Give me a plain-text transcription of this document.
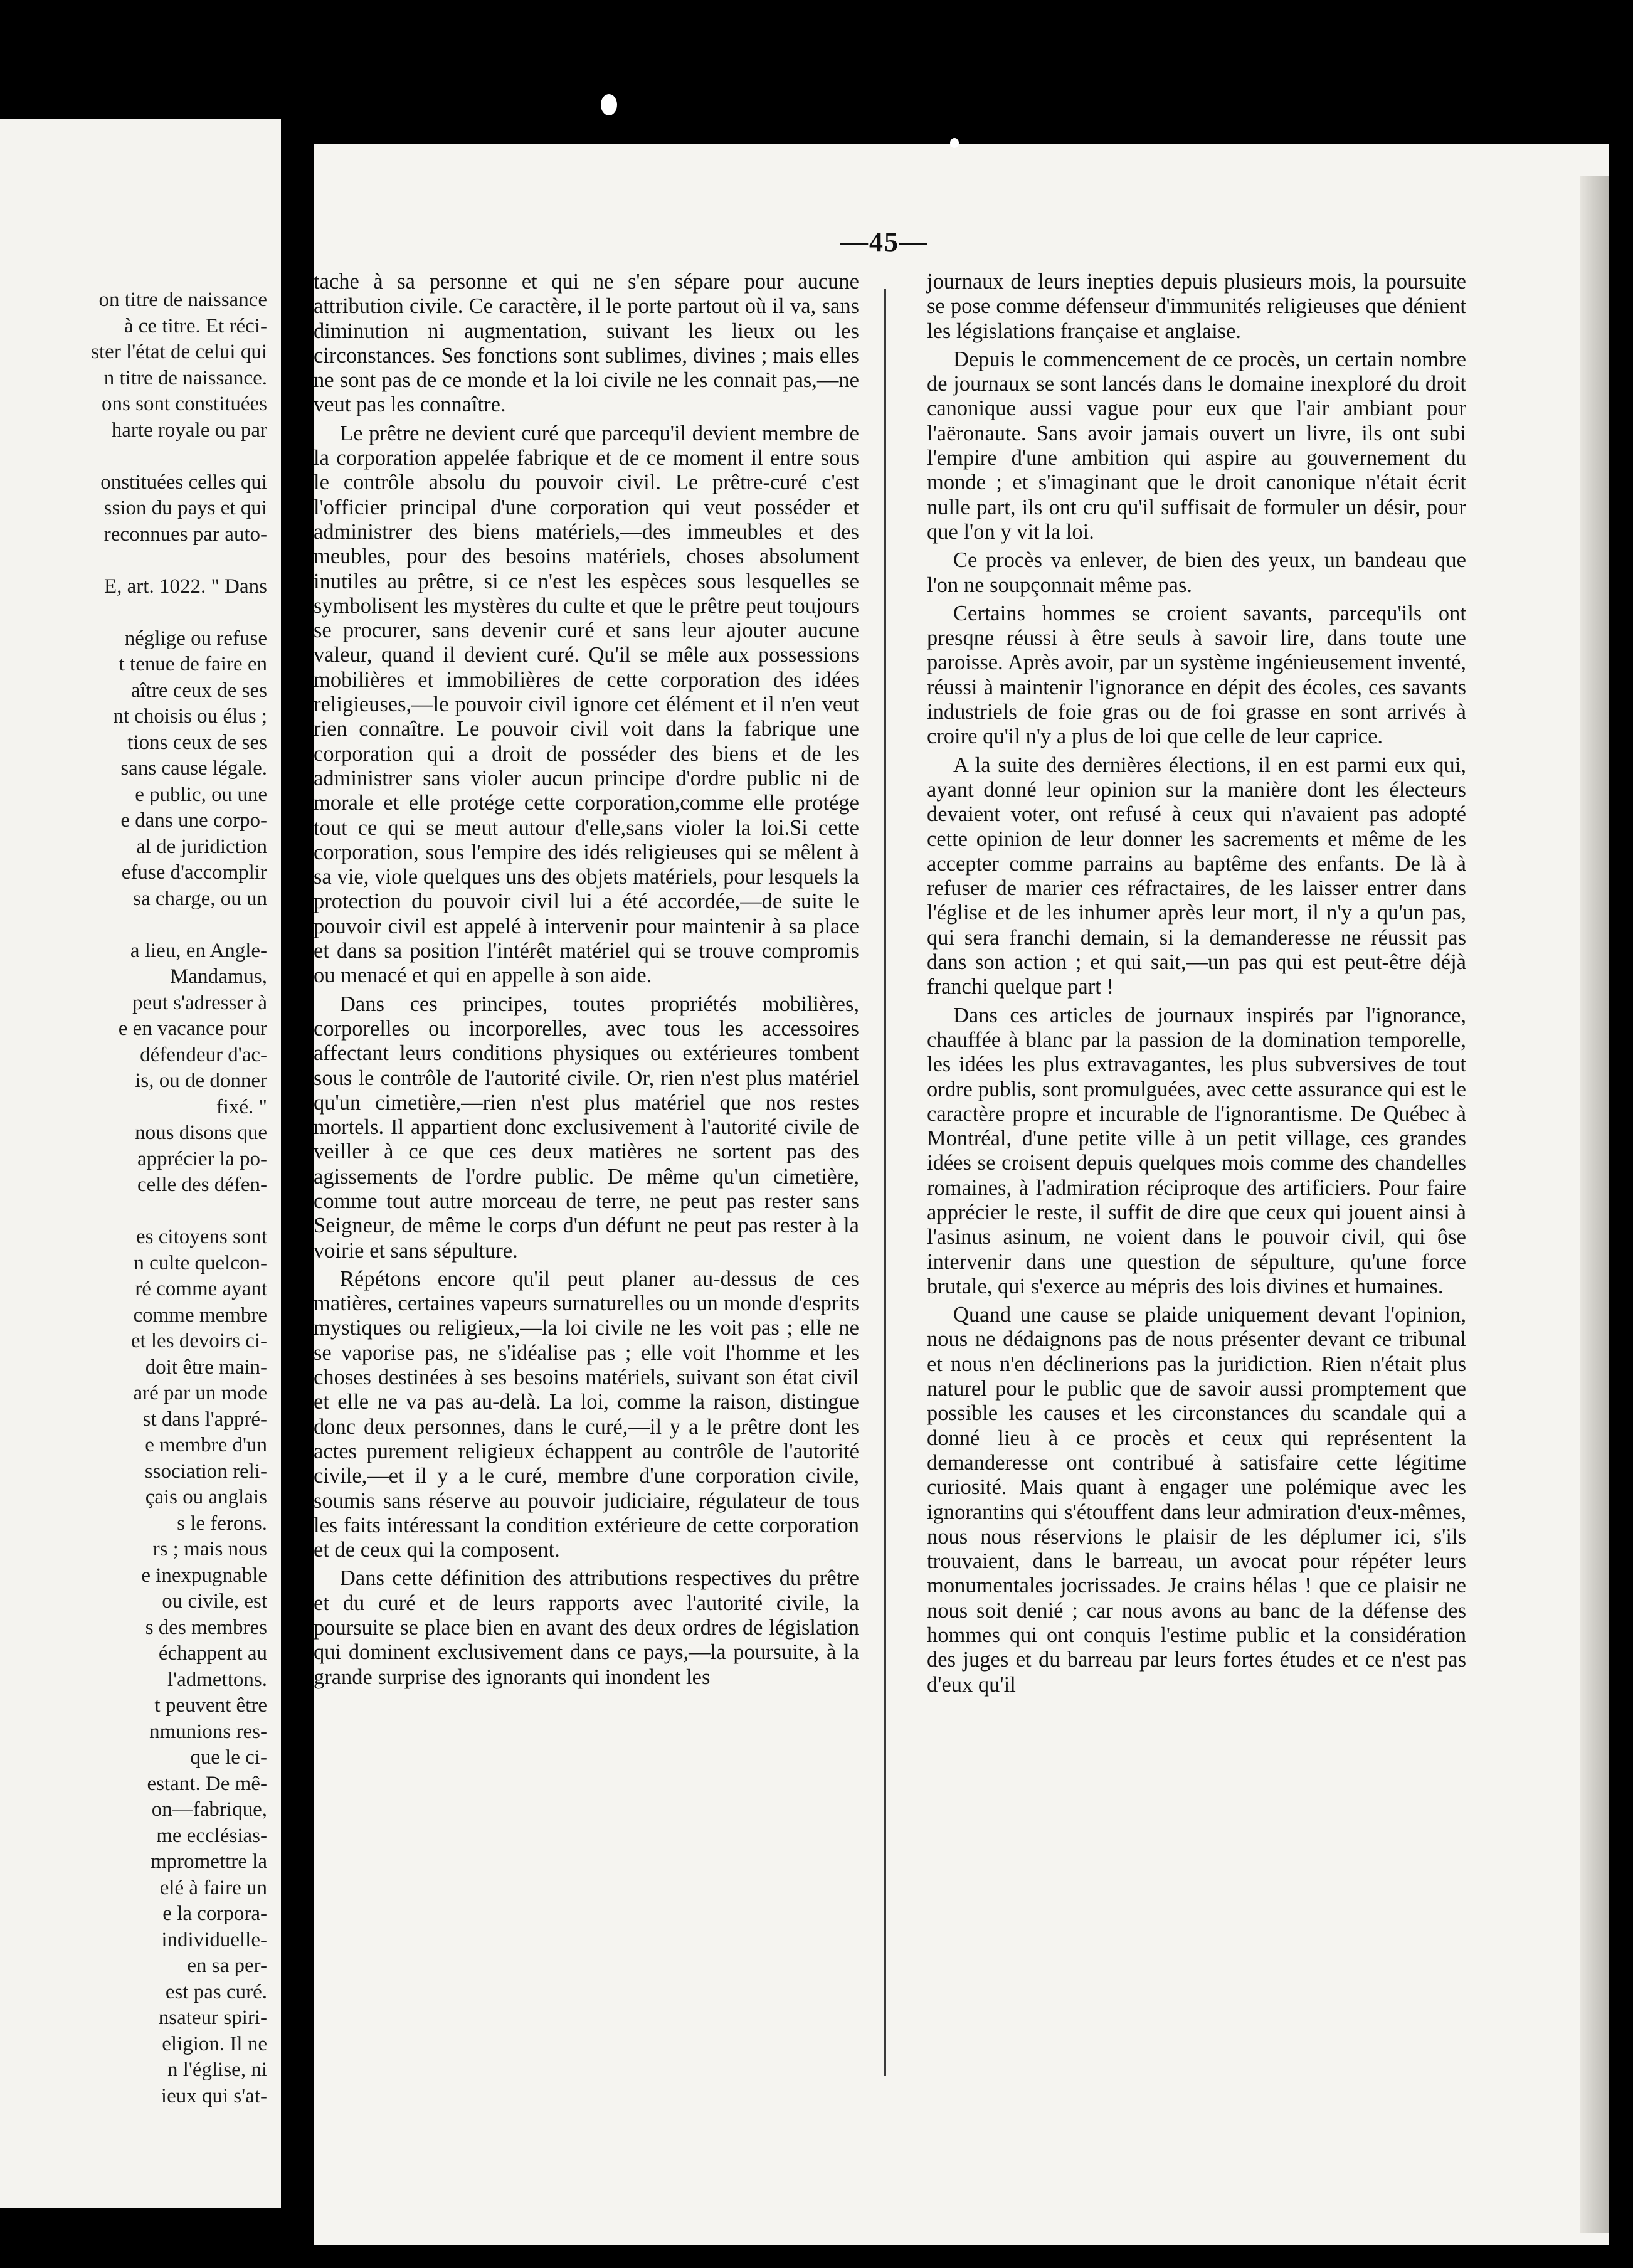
on titre de naissance
à ce titre. Et réci-
ster l'état de celui qui
n titre de naissance.
ons sont constituées
harte royale ou par
onstituées celles qui
ssion du pays et qui
reconnues par auto-
E, art. 1022. " Dans
néglige ou refuse
t tenue de faire en
aître ceux de ses
nt choisis ou élus ;
tions ceux de ses
sans cause légale.
e public, ou une
e dans une corpo-
al de juridiction
efuse d'accomplir
sa charge, ou un
a lieu, en Angle-
Mandamus,
peut s'adresser à
e en vacance pour
défendeur d'ac-
is, ou de donner
fixé. "
nous disons que
apprécier la po-
celle des défen-
es citoyens sont
n culte quelcon-
ré comme ayant
comme membre
et les devoirs ci-
doit être main-
aré par un mode
st dans l'appré-
e membre d'un
ssociation reli-
çais ou anglais
s le ferons.
rs ; mais nous
e inexpugnable
ou civile, est
s des membres
échappent au
l'admettons.
t peuvent être
nmunions res-
que le ci-
estant. De mê-
on—fabrique,
me ecclésias-
mpromettre la
elé à faire un
e la corpora-
individuelle-
en sa per-
est pas curé.
nsateur spiri-
eligion. Il ne
n l'église, ni
ieux qui s'at-
—45—

tache à sa personne et qui ne s'en sépare pour aucune attribution civile. Ce caractère, il le porte partout où il va, sans diminution ni augmentation, suivant les lieux ou les circonstances. Ses fonctions sont sublimes, divines ; mais elles ne sont pas de ce monde et la loi civile ne les connait pas,—ne veut pas les connaître.

Le prêtre ne devient curé que parcequ'il devient membre de la corporation appelée fabrique et de ce moment il entre sous le contrôle absolu du pouvoir civil. Le prêtre-curé c'est l'officier principal d'une corporation qui veut posséder et administrer des biens matériels,—des immeubles et des meubles, pour des besoins matériels, choses absolument inutiles au prêtre, si ce n'est les espèces sous lesquelles se symbolisent les mystères du culte et que le prêtre peut toujours se procurer, sans devenir curé et sans leur ajouter aucune valeur, quand il devient curé. Qu'il se mêle aux possessions mobilières et immobilières de cette corporation des idées religieuses,—le pouvoir civil ignore cet élément et il n'en veut rien connaître. Le pouvoir civil voit dans la fabrique une corporation qui a droit de posséder des biens et de les administrer sans violer aucun principe d'ordre public ni de morale et elle protége cette corporation,comme elle protége tout ce qui se meut autour d'elle,sans violer la loi.Si cette corporation, sous l'empire des idés religieuses qui se mêlent à sa vie, viole quelques uns des objets matériels, pour lesquels la protection du pouvoir civil lui a été accordée,—de suite le pouvoir civil est appelé à intervenir pour maintenir à sa place et dans sa position l'intérêt matériel qui se trouve compromis ou menacé et qui en appelle à son aide.

Dans ces principes, toutes propriétés mobilières, corporelles ou incorporelles, avec tous les accessoires affectant leurs conditions physiques ou extérieures tombent sous le contrôle de l'autorité civile. Or, rien n'est plus matériel qu'un cimetière,—rien n'est plus matériel que nos restes mortels. Il appartient donc exclusivement à l'autorité civile de veiller à ce que ces deux matières ne sortent pas des agissements de l'ordre public. De même qu'un cimetière, comme tout autre morceau de terre, ne peut pas rester sans Seigneur, de même le corps d'un défunt ne peut pas rester à la voirie et sans sépulture.

Répétons encore qu'il peut planer au-dessus de ces matières, certaines vapeurs surnaturelles ou un monde d'esprits mystiques ou religieux,—la loi civile ne les voit pas ; elle ne se vaporise pas, ne s'idéalise pas ; elle voit l'homme et les choses destinées à ses besoins matériels, suivant son état civil et elle ne va pas au-delà. La loi, comme la raison, distingue donc deux personnes, dans le curé,—il y a le prêtre dont les actes purement religieux échappent au contrôle de l'autorité civile,—et il y a le curé, membre d'une corporation civile, soumis sans réserve au pouvoir judiciaire, régulateur de tous les faits intéressant la condition extérieure de cette corporation et de ceux qui la composent.

Dans cette définition des attributions respectives du prêtre et du curé et de leurs rapports avec l'autorité civile, la poursuite se place bien en avant des deux ordres de législation qui dominent exclusivement dans ce pays,—la poursuite, à la grande surprise des ignorants qui inondent les

journaux de leurs inepties depuis plusieurs mois, la poursuite se pose comme défenseur d'immunités religieuses que dénient les législations française et anglaise.

Depuis le commencement de ce procès, un certain nombre de journaux se sont lancés dans le domaine inexploré du droit canonique aussi vague pour eux que l'air ambiant pour l'aëronaute. Sans avoir jamais ouvert un livre, ils ont subi l'empire d'une ambition qui aspire au gouvernement du monde ; et s'imaginant que le droit canonique n'était écrit nulle part, ils ont cru qu'il suffisait de formuler un désir, pour que l'on y vit la loi.

Ce procès va enlever, de bien des yeux, un bandeau que l'on ne soupçonnait même pas.

Certains hommes se croient savants, parcequ'ils ont presqne réussi à être seuls à savoir lire, dans toute une paroisse. Après avoir, par un système ingénieusement inventé, réussi à maintenir l'ignorance en dépit des écoles, ces savants industriels de foie gras ou de foi grasse en sont arrivés à croire qu'il n'y a plus de loi que celle de leur caprice.

A la suite des dernières élections, il en est parmi eux qui, ayant donné leur opinion sur la manière dont les électeurs devaient voter, ont refusé à ceux qui n'avaient pas adopté cette opinion de leur donner les sacrements et même de les accepter comme parrains au baptême des enfants. De là à refuser de marier ces réfractaires, de les laisser entrer dans l'église et de les inhumer après leur mort, il n'y a qu'un pas, qui sera franchi demain, si la demanderesse ne réussit pas dans son action ; et qui sait,—un pas qui est peut-être déjà franchi quelque part !

Dans ces articles de journaux inspirés par l'ignorance, chauffée à blanc par la passion de la domination temporelle, les idées les plus extravagantes, les plus subversives de tout ordre publis, sont promulguées, avec cette assurance qui est le caractère propre et incurable de l'ignorantisme. De Québec à Montréal, d'une petite ville à un petit village, ces grandes idées se croisent depuis quelques mois comme des chandelles romaines, à l'admiration réciproque des artificiers. Pour faire apprécier le reste, il suffit de dire que ceux qui jouent ainsi à l'asinus asinum, ne voient dans le pouvoir civil, qui ôse intervenir dans une question de sépulture, qu'une force brutale, qui s'exerce au mépris des lois divines et humaines.

Quand une cause se plaide uniquement devant l'opinion, nous ne dédaignons pas de nous présenter devant ce tribunal et nous n'en déclinerions pas la juridiction. Rien n'était plus naturel pour le public que de savoir aussi promptement que possible les causes et les circonstances du scandale qui a donné lieu à ce procès et ceux qui représentent la demanderesse ont contribué à satisfaire cette légitime curiosité. Mais quant à engager une polémique avec les ignorantins qui s'étouffent dans leur admiration d'eux-mêmes, nous nous réservions le plaisir de les déplumer ici, s'ils trouvaient, dans le barreau, un avocat pour répéter leurs monumentales jocrissades. Je crains hélas ! que ce plaisir ne nous soit denié ; car nous avons au banc de la défense des hommes qui ont conquis l'estime public et la considération des juges et du barreau par leurs fortes études et ce n'est pas d'eux qu'il
